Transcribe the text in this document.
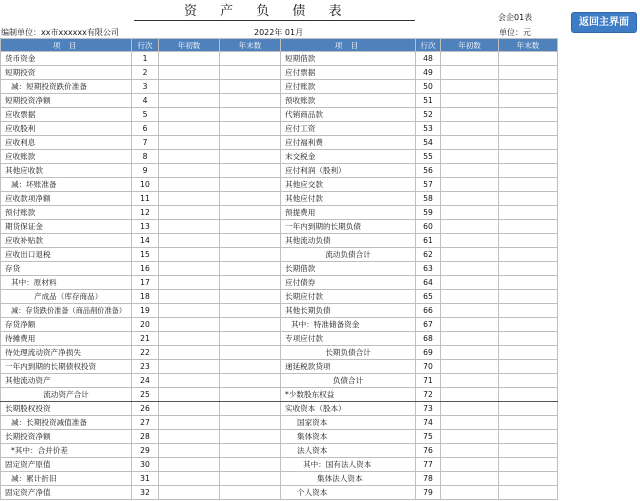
资 产 负 债 表	会企01表	返回主界面
编制单位：xx市xxxxxx有限公司	2022年 01月	单位：元
项 目	行次	年初数	年末数	项 目	行次	年初数	年末数
货币资金	1			短期借款	48		
短期投资	2			应付票据	49		
减：短期投资跌价准备	3			应付账款	50		
短期投资净额	4			预收账款	51		
应收票据	5			代销商品款	52		
应收股利	6			应付工资	53		
应收利息	7			应付福利费	54		
应收账款	8			未交税金	55		
其他应收款	9			应付利润（股利）	56		
减：坏账准备	10			其他应交款	57		
应收款项净额	11			其他应付款	58		
预付账款	12			预提费用	59		
期货保证金	13			一年内到期的长期负债	60		
应收补贴款	14			其他流动负债	61		
应收出口退税	15			流动负债合计	62		
存货	16			长期借款	63		
其中：原材料	17			应付债券	64		
产成品（库存商品）	18			长期应付款	65		
减：存货跌价准备（商品削价准备）	19			其他长期负债	66		
存货净额	20			其中：特准储备资金	67		
待摊费用	21			专项应付款	68		
待处理流动资产净损失	22			长期负债合计	69		
一年内到期的长期债权投资	23			递延税款贷项	70		
其他流动资产	24			负债合计	71		
流动资产合计	25			*少数股东权益	72		
长期股权投资	26			实收资本（股本）	73		
减：长期投资减值准备	27			国家资本	74		
长期投资净额	28			集体资本	75		
*其中：合并价差	29			法人资本	76		
固定资产原值	30			其中：国有法人资本	77		
减：累计折旧	31			集体法人资本	78		
固定资产净值	32			个人资本	79		
